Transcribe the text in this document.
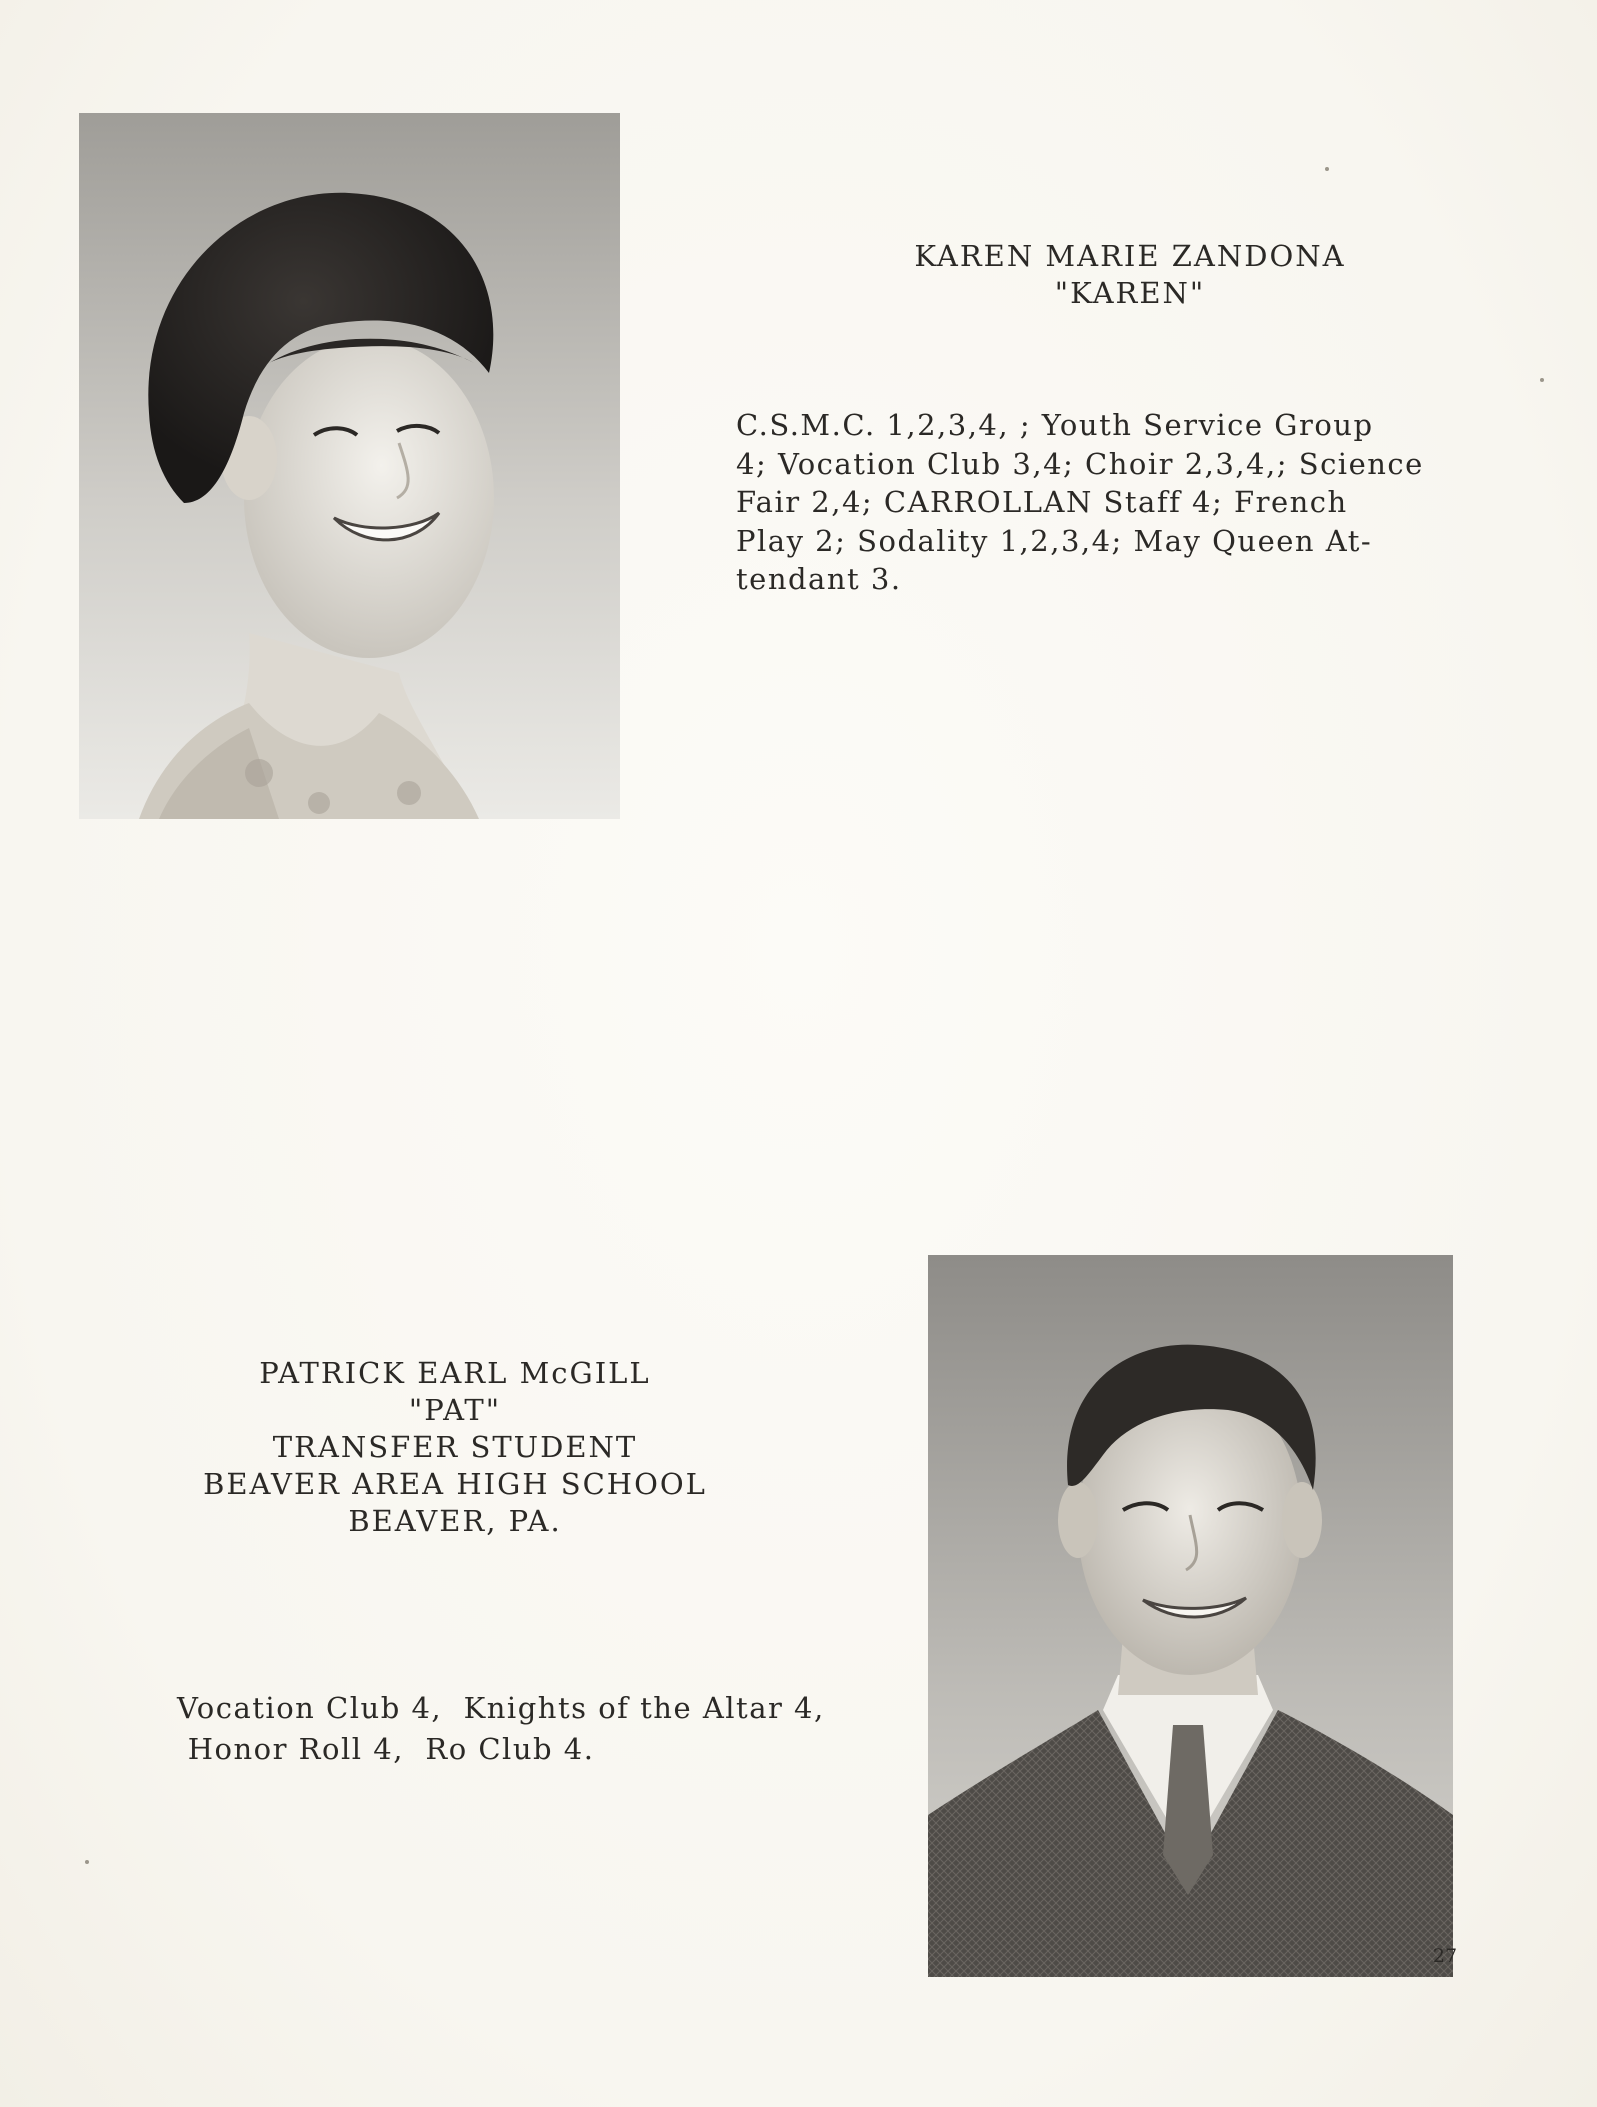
KAREN MARIE ZANDONA
"KAREN"
C.S.M.C. 1,2,3,4, ; Youth Service Group
4; Vocation Club 3,4; Choir 2,3,4,; Science
Fair 2,4; CARROLLAN Staff 4; French
Play 2; Sodality 1,2,3,4; May Queen At-
tendant 3.
PATRICK EARL McGILL
"PAT"
TRANSFER STUDENT
BEAVER AREA HIGH SCHOOL
BEAVER, PA.
Vocation Club 4,  Knights of the Altar 4,
Honor Roll 4,  Ro Club 4.
27
